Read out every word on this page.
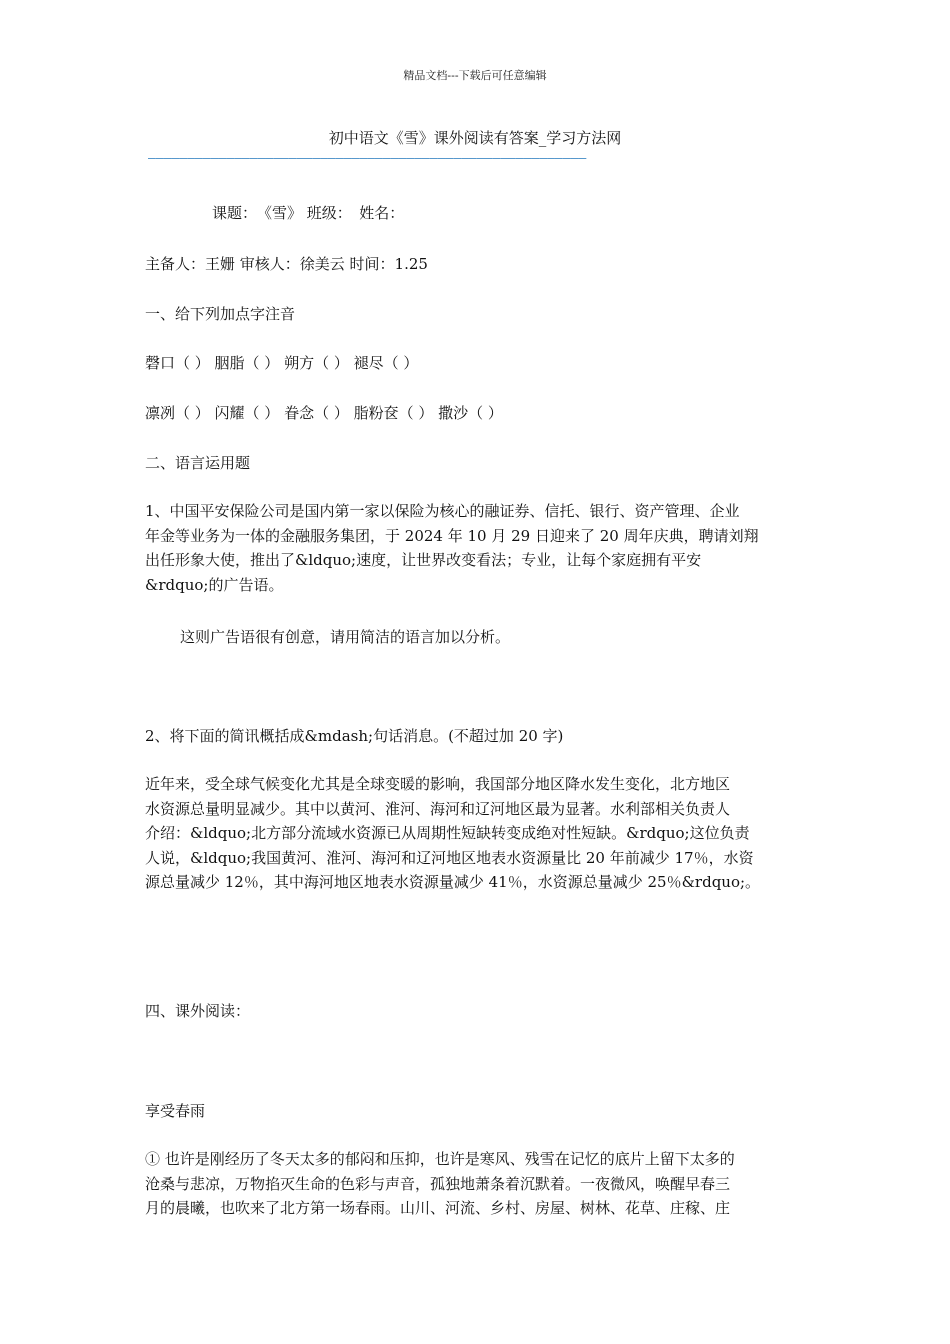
精品文档---下载后可任意编辑
初中语文《雪》课外阅读有答案_学习方法网
————————————————————————————————————————————————————————
课题：　《雪》 班级：　姓名：
主备人：王姗 审核人：徐美云 时间：1.25
一、给下列加点字注音
磬口（ ） 胭脂（ ） 朔方（ ） 褪尽（ ）
凛冽（ ） 闪耀（ ） 眷念（ ） 脂粉奁（ ） 撒沙（ ）
二、语言运用题
1、中国平安保险公司是国内第一家以保险为核心的融证券、信托、银行、资产管理、企业
年金等业务为一体的金融服务集团，于 2024 年 10 月 29 日迎来了 20 周年庆典，聘请刘翔
出任形象大使，推出了&ldquo;速度，让世界改变看法；专业，让每个家庭拥有平安
&rdquo;的广告语。
这则广告语很有创意，请用简洁的语言加以分析。
2、将下面的简讯概括成&mdash;句话消息。(不超过加 20 字)
近年来，受全球气候变化尤其是全球变暖的影响，我国部分地区降水发生变化，北方地区
水资源总量明显减少。其中以黄河、淮河、海河和辽河地区最为显著。水利部相关负责人
介绍：&ldquo;北方部分流域水资源已从周期性短缺转变成绝对性短缺。&rdquo;这位负责
人说，&ldquo;我国黄河、淮河、海河和辽河地区地表水资源量比 20 年前减少 17％，水资
源总量减少 12％，其中海河地区地表水资源量减少 41％，水资源总量减少 25％&rdquo;。
四、课外阅读：
享受春雨
① 也许是刚经历了冬天太多的郁闷和压抑，也许是寒风、残雪在记忆的底片上留下太多的
沧桑与悲凉，万物掐灭生命的色彩与声音，孤独地萧条着沉默着。一夜微风，唤醒早春三
月的晨曦，也吹来了北方第一场春雨。山川、河流、乡村、房屋、树林、花草、庄稼、庄
